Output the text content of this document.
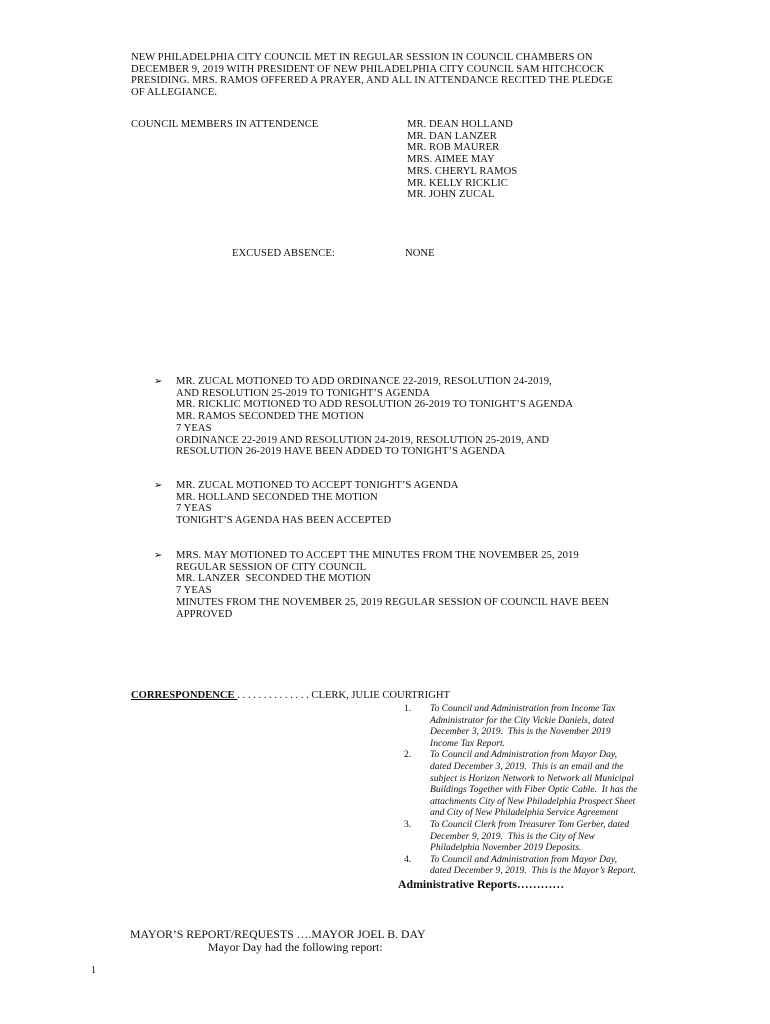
NEW PHILADELPHIA CITY COUNCIL MET IN REGULAR SESSION IN COUNCIL CHAMBERS ON
DECEMBER 9, 2019 WITH PRESIDENT OF NEW PHILADELPHIA CITY COUNCIL SAM HITCHCOCK
PRESIDING. MRS. RAMOS OFFERED A PRAYER, AND ALL IN ATTENDANCE RECITED THE PLEDGE
OF ALLEGIANCE.
COUNCIL MEMBERS IN ATTENDENCE	MR. DEAN HOLLAND
MR. DAN LANZER
MR. ROB MAURER
MRS. AIMEE MAY
MRS. CHERYL RAMOS
MR. KELLY RICKLIC
MR. JOHN ZUCAL
EXCUSED ABSENCE:	NONE
➢ MR. ZUCAL MOTIONED TO ADD ORDINANCE 22-2019, RESOLUTION 24-2019,
AND RESOLUTION 25-2019 TO TONIGHT’S AGENDA
MR. RICKLIC MOTIONED TO ADD RESOLUTION 26-2019 TO TONIGHT’S AGENDA
MR. RAMOS SECONDED THE MOTION
7 YEAS
ORDINANCE 22-2019 AND RESOLUTION 24-2019, RESOLUTION 25-2019, AND
RESOLUTION 26-2019 HAVE BEEN ADDED TO TONIGHT’S AGENDA
➢ MR. ZUCAL MOTIONED TO ACCEPT TONIGHT’S AGENDA
MR. HOLLAND SECONDED THE MOTION
7 YEAS
TONIGHT’S AGENDA HAS BEEN ACCEPTED
➢ MRS. MAY MOTIONED TO ACCEPT THE MINUTES FROM THE NOVEMBER 25, 2019
REGULAR SESSION OF CITY COUNCIL
MR. LANZER  SECONDED THE MOTION
7 YEAS
MINUTES FROM THE NOVEMBER 25, 2019 REGULAR SESSION OF COUNCIL HAVE BEEN
APPROVED
CORRESPONDENCE . . . . . . . . . . . . . . CLERK, JULIE COURTRIGHT
1. To Council and Administration from Income Tax
Administrator for the City Vickie Daniels, dated
December 3, 2019.  This is the November 2019
Income Tax Report.
2. To Council and Administration from Mayor Day,
dated December 3, 2019.  This is an email and the
subject is Horizon Network to Network all Municipal
Buildings Together with Fiber Optic Cable.  It has the
attachments City of New Philadelphia Prospect Sheet
and City of New Philadelphia Service Agreement
3. To Council Clerk from Treasurer Tom Gerber, dated
December 9, 2019.  This is the City of New
Philadelphia November 2019 Deposits.
4. To Council and Administration from Mayor Day,
dated December 9, 2019.  This is the Mayor’s Report.
Administrative Reports…………
MAYOR’S REPORT/REQUESTS ….MAYOR JOEL B. DAY
Mayor Day had the following report:
1
